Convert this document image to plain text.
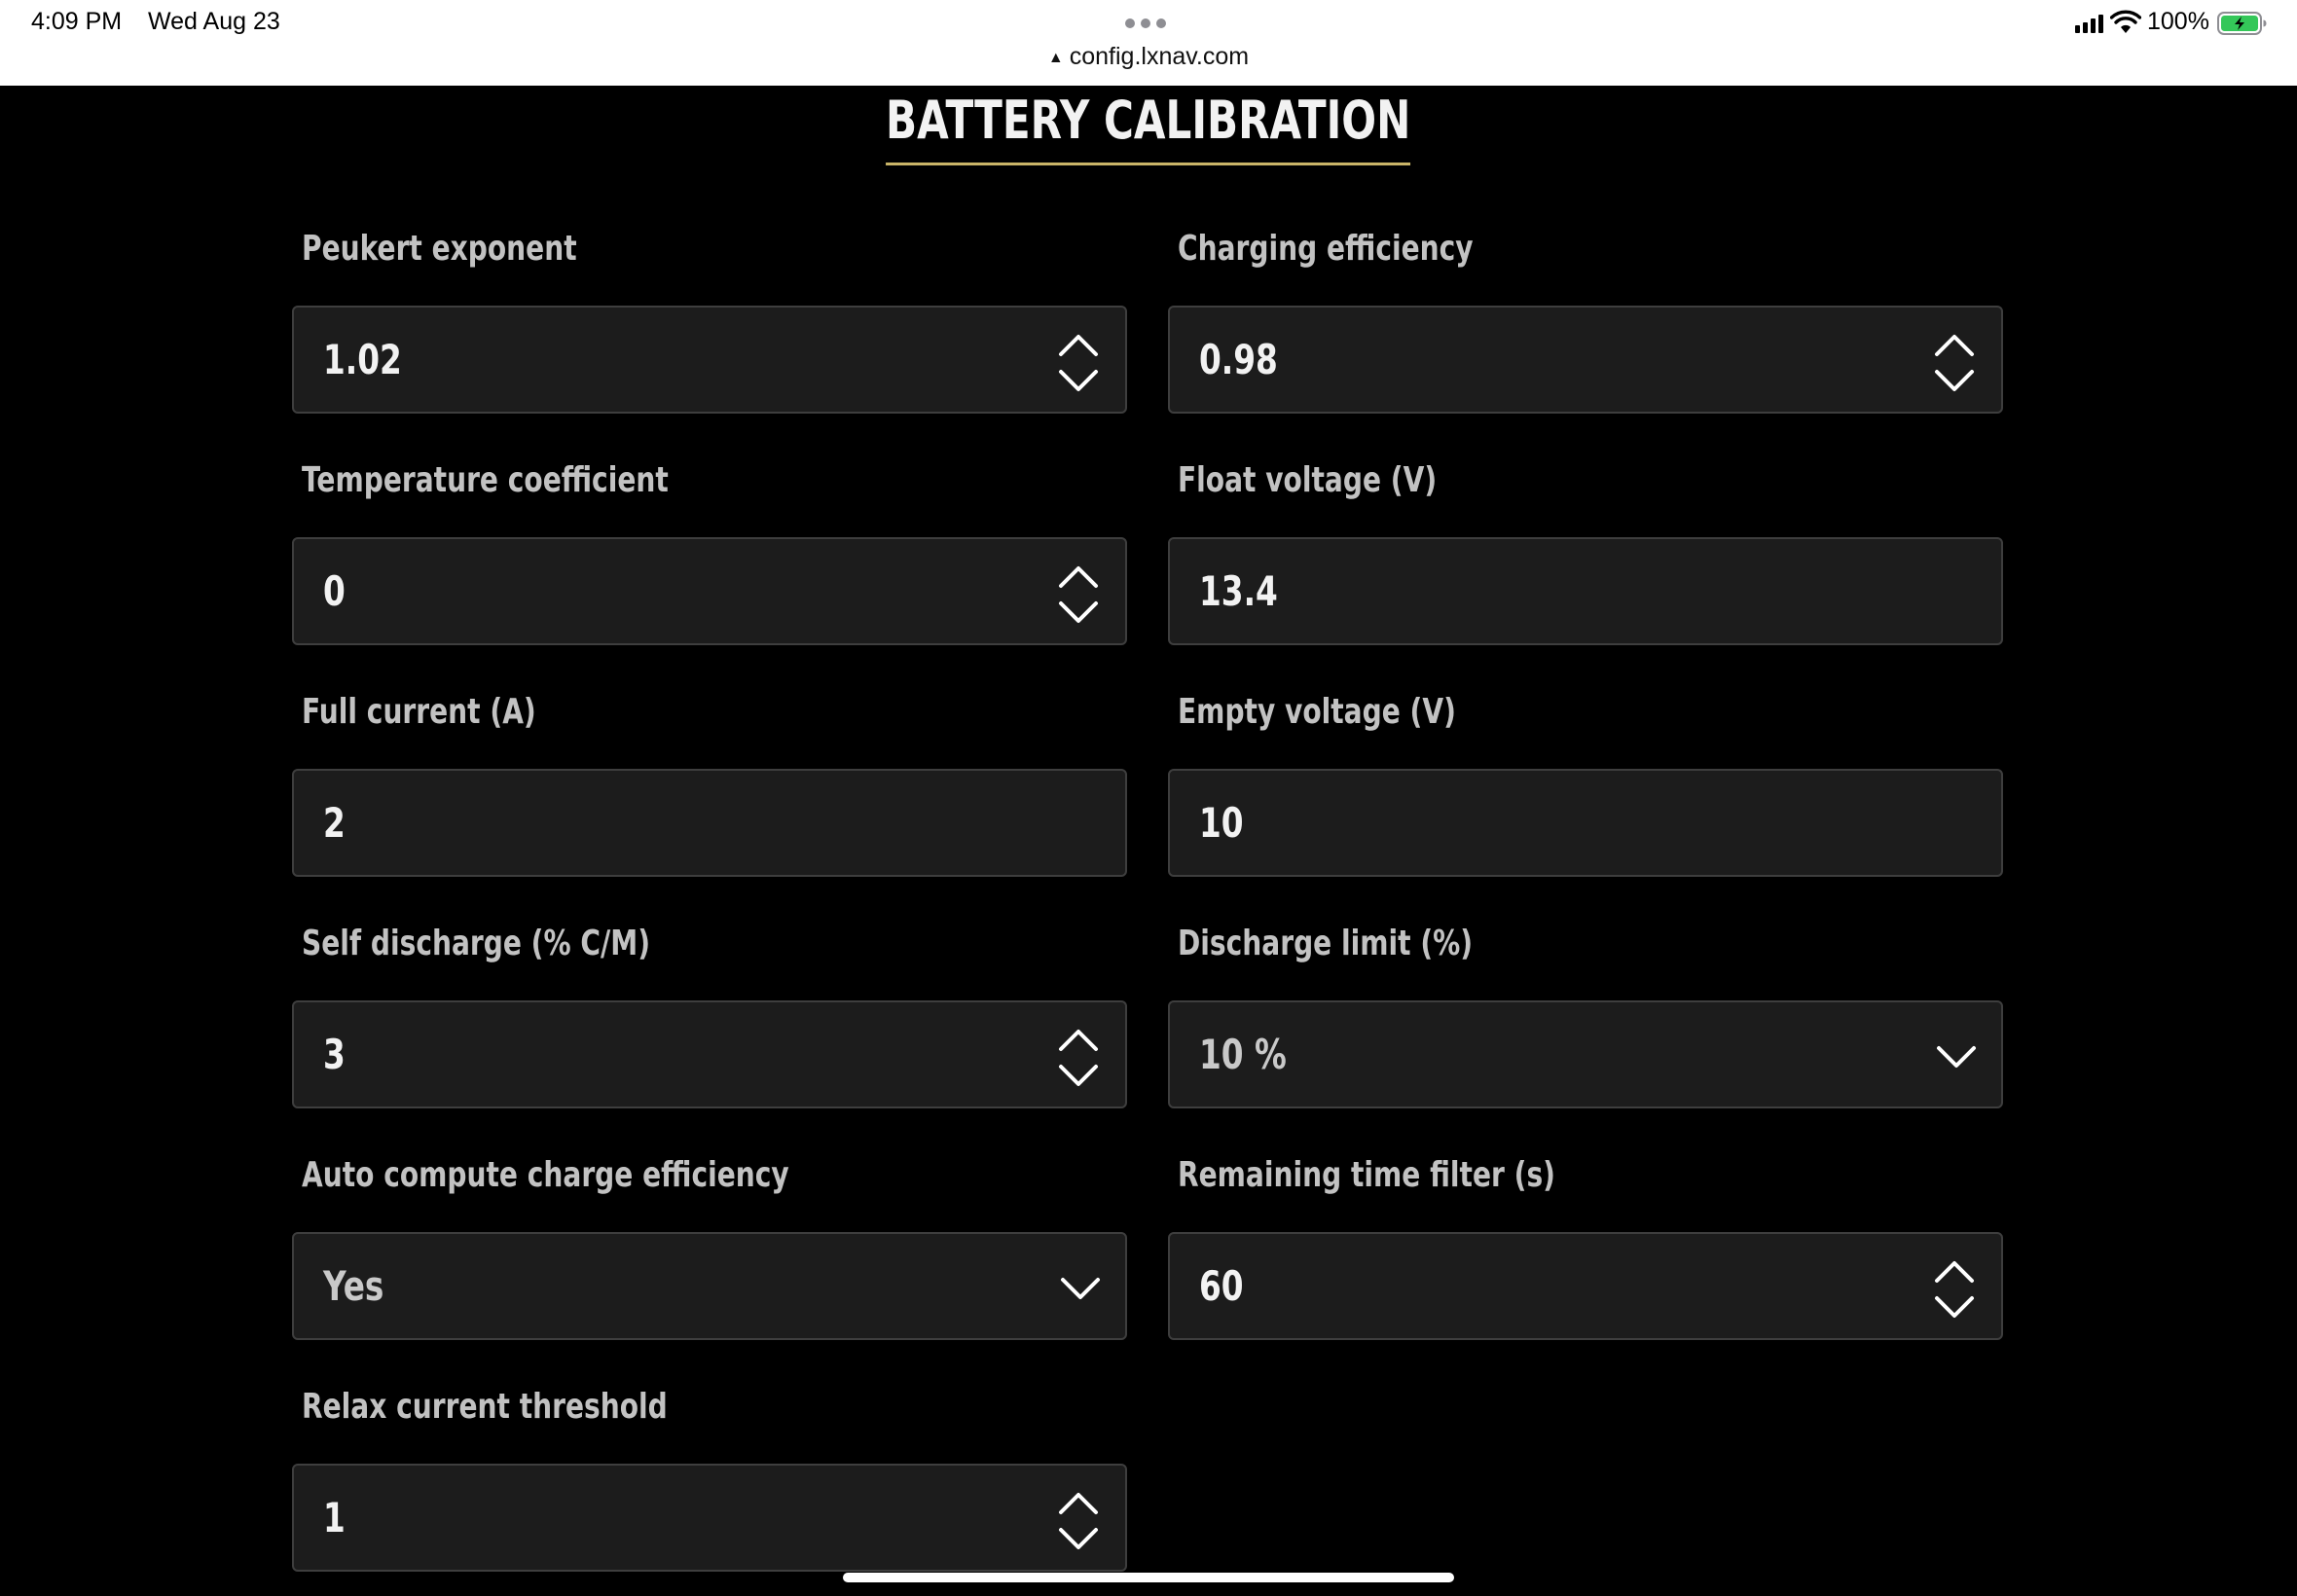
4:09 PM Wed Aug 23
▲ config.lxnav.com
100%
BATTERY CALIBRATION
Peukert exponent
1.02
Charging efficiency
0.98
Temperature coefficient
0
Float voltage (V)
13.4
Full current (A)
2
Empty voltage (V)
10
Self discharge (% C/M)
3
Discharge limit (%)
10 %
Auto compute charge efficiency
Yes
Remaining time filter (s)
60
Relax current threshold
1
